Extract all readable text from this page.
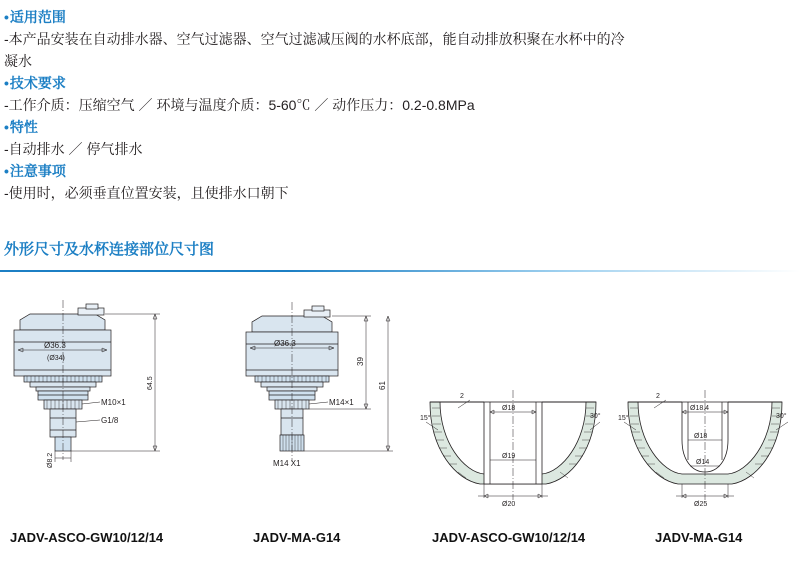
•适用范围

-本产品安装在自动排水器、空气过滤器、空气过滤减压阀的水杯底部，能自动排放积聚在水杯中的冷

凝水

•技术要求

-工作介质：压缩空气 ／ 环境与温度介质：5-60℃ ／ 动作压力：0.2-0.8MPa

•特性

-自动排水 ／ 停气排水

•注意事项

-使用时，必须垂直位置安装，且使排水口朝下

外形尺寸及水杯连接部位尺寸图
Ø36.3
(Ø34)
64.5
M10×1
G1/8
Ø8.2
Ø36.3
39
61
M14×1
M14 X1
Ø18
Ø20
Ø19
2
15°	30°
Ø18.4
Ø18
Ø14
Ø25
2
15°	30°
JADV-ASCO-GW10/12/14	JADV-MA-G14	JADV-ASCO-GW10/12/14	JADV-MA-G14
